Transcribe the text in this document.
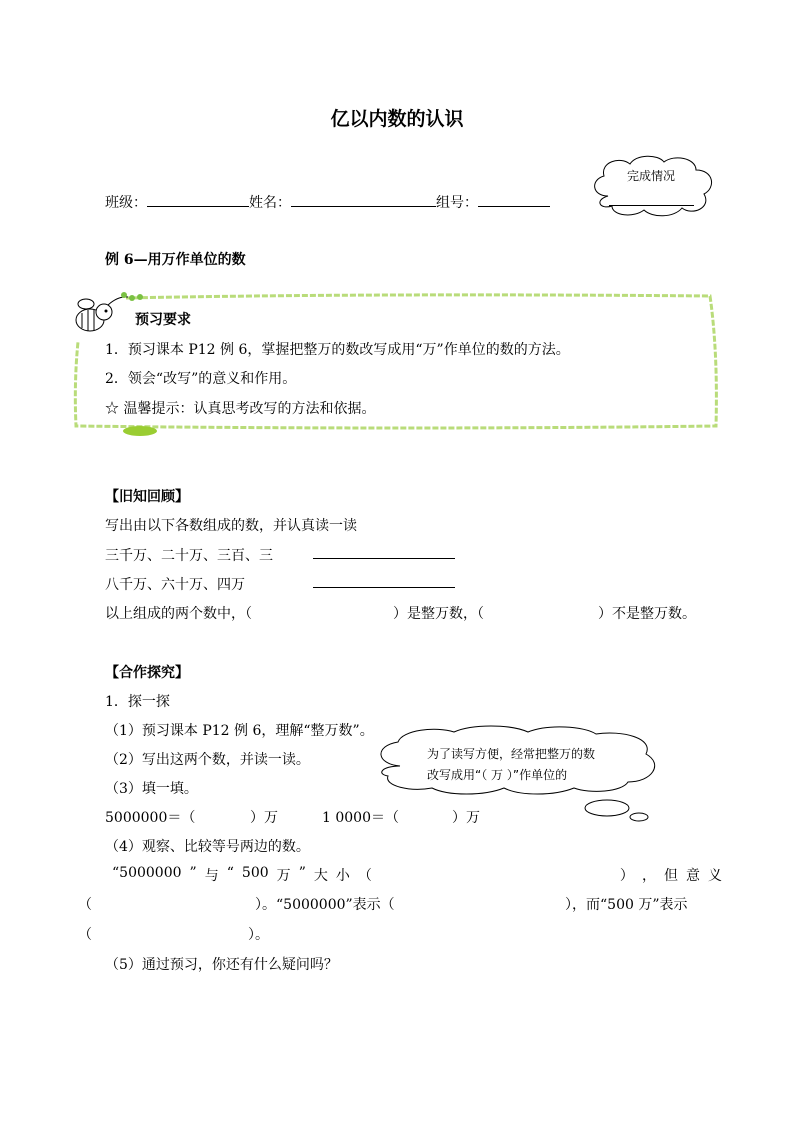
亿以内数的认识
班级：	姓名：	组号：
完成情况
例 6—用万作单位的数
预习要求
1．预习课本 P12 例 6，掌握把整万的数改写成用“万”作单位的数的方法。
2．领会“改写”的意义和作用。
☆ 温馨提示：认真思考改写的方法和依据。
【旧知回顾】
写出由以下各数组成的数，并认真读一读
三千万、二十万、三百、三
八千万、六十万、四万
以上组成的两个数中，（	）是整万数，（	）不是整万数。
【合作探究】
1．探一探
（1）预习课本 P12 例 6，理解“整万数”。
（2）写出这两个数，并读一读。
（3）填一填。
为了读写方便，经常把整万的数
改写成用“（ 万 ）”作单位的
5000000＝（	）万	1 0000＝（	）万
（4）观察、比较等号两边的数。
“5000000 ” 与 “ 500 万 ” 大 小 （	） ， 但 意 义
（	）。“5000000”表示（	），而“500 万”表示
（	）。
（5）通过预习，你还有什么疑问吗？
